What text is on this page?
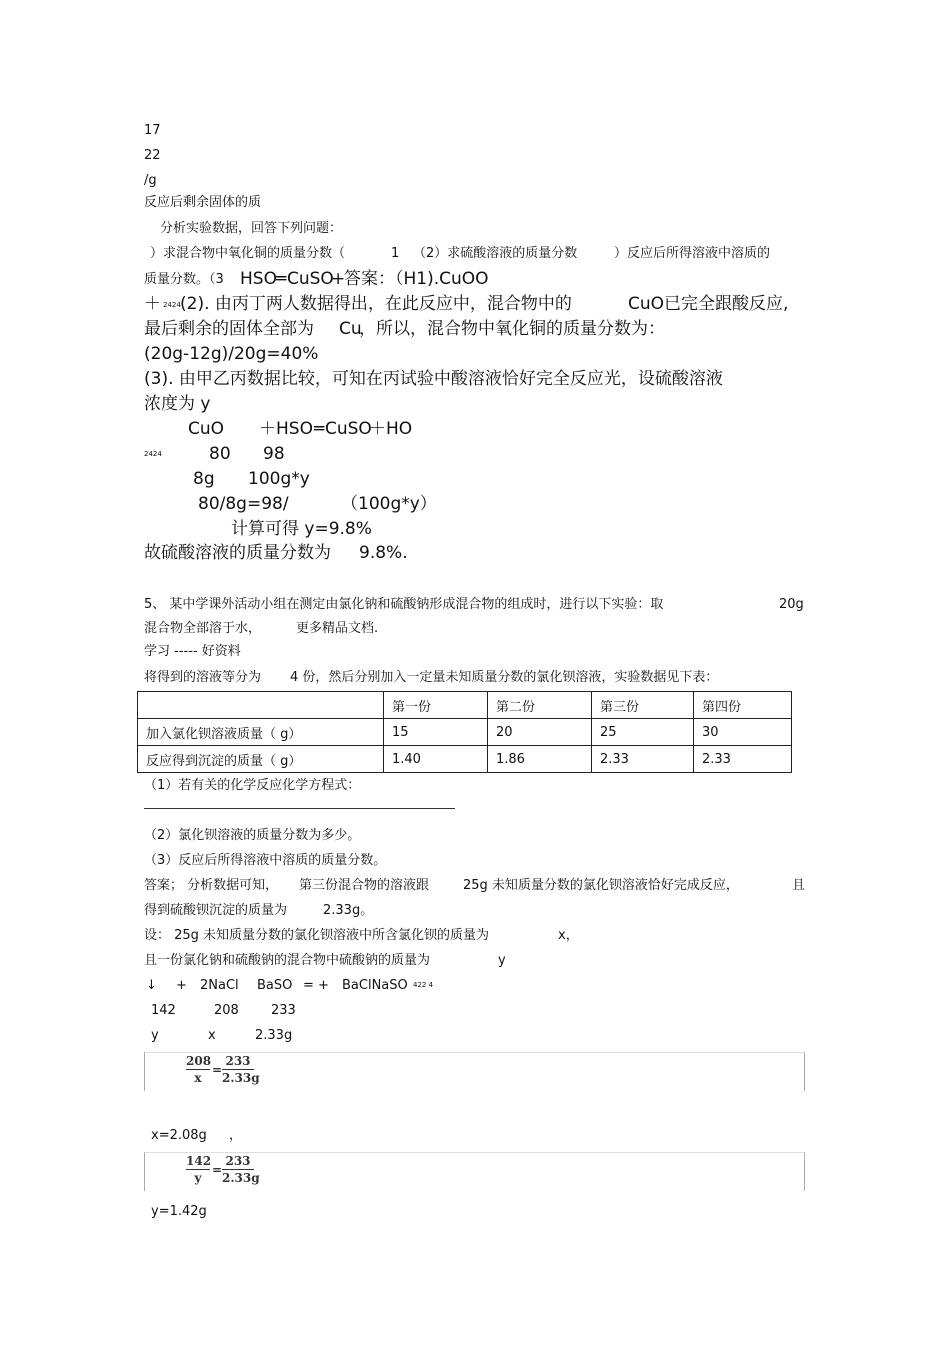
17
22
/g
反应后剩余固体的质
分析实验数据，回答下列问题：
）求混合物中氧化铜的质量分数（	1 （2）求硫酸溶液的质量分数	）反应后所得溶液中溶质的
质量分数。（3 HSO ═ CuSO
+
答案：（H1).CuOO
＋ 2424 (2). 由丙丁两人数据得出，在此反应中，混合物中的	CuO已完全跟酸反应,
最后剩余的固体全部为 Cu
，所以，混合物中氧化铜的质量分数为：
(20g-12g)/20g=40%
(3). 由甲乙丙数据比较，可知在丙试验中酸溶液恰好完全反应光，设硫酸溶液
浓度为 y
CuO ＋HSO ═ CuSO
＋HO
2424	80 98
8g 100g*y
80/8g=98/	（100g*y）
计算可得 y=9.8%
故硫酸溶液的质量分数为 9.8%.
5、 某中学课外活动小组在测定由氯化钠和硫酸钠形成混合物的组成时，进行以下实验：取	20g
混合物全部溶于水，	更多精品文档.
学习 ----- 好资料
将得到的溶液等分为 4 份，然后分别加入一定量未知质量分数的氯化钡溶液，实验数据见下表：
	第一份	第二份	第三份	第四份
加入氯化钡溶液质量（ g）	15	20	25	30
反应得到沉淀的质量（ g）	1.40	1.86	2.33	2.33
（1）若有关的化学反应化学方程式：
（2）氯化钡溶液的质量分数为多少。
（3）反应后所得溶液中溶质的质量分数。
答案； 分析数据可知， 第三份混合物的溶液跟	25g 未知质量分数的氯化钡溶液恰好完成反应，	且
得到硫酸钡沉淀的质量为	2.33g。
设： 25g 未知质量分数的氯化钡溶液中所含氯化钡的质量为	x，
且一份氯化钠和硫酸钠的混合物中硫酸钠的质量为	y
↓ + 2NaCl BaSO = + BaClNaSO 422 4
142	208 233
y	x	2.33g
208
x
=
233
2.33g
x=2.08g ，
142
y
=
233
2.33g
y=1.42g
